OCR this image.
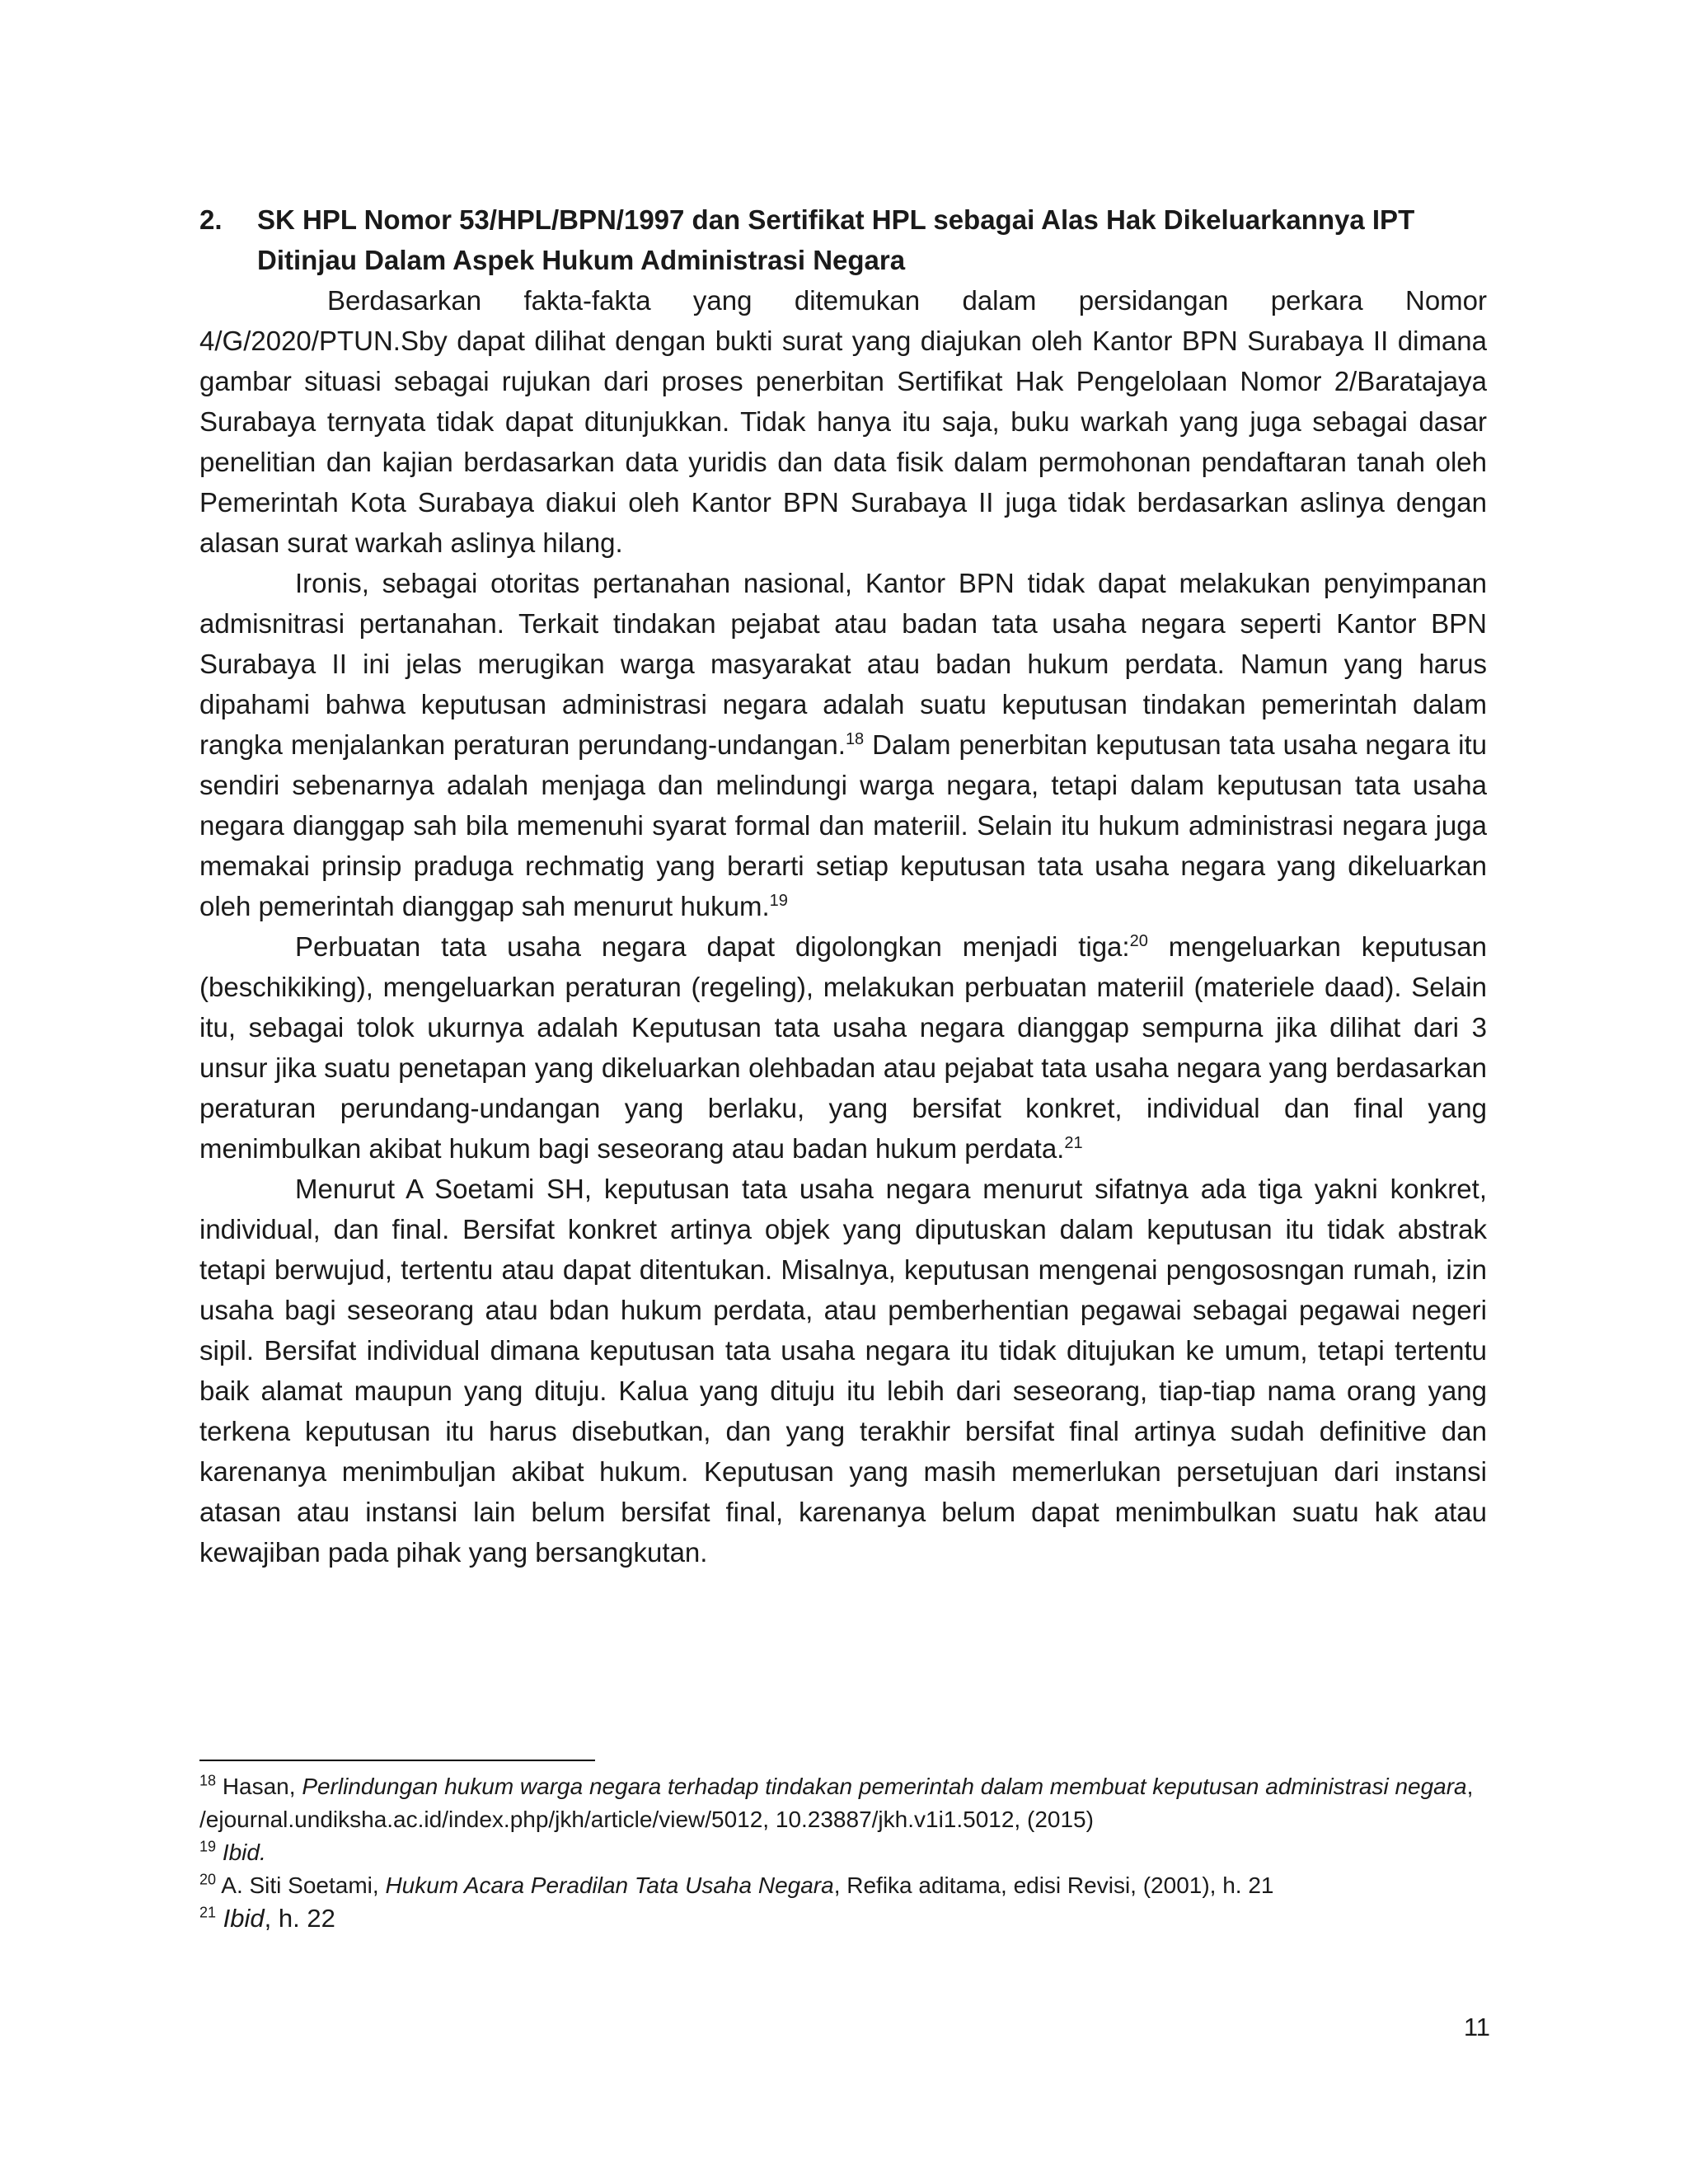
2. SK HPL Nomor 53/HPL/BPN/1997 dan Sertifikat HPL sebagai Alas Hak Dikeluarkannya IPT Ditinjau Dalam Aspek Hukum Administrasi Negara

Berdasarkan fakta-fakta yang ditemukan dalam persidangan perkara Nomor 4/G/2020/PTUN.Sby dapat dilihat dengan bukti surat yang diajukan oleh Kantor BPN Surabaya II dimana gambar situasi sebagai rujukan dari proses penerbitan Sertifikat Hak Pengelolaan Nomor 2/Baratajaya Surabaya ternyata tidak dapat ditunjukkan. Tidak hanya itu saja, buku warkah yang juga sebagai dasar penelitian dan kajian berdasarkan data yuridis dan data fisik dalam permohonan pendaftaran tanah oleh Pemerintah Kota Surabaya diakui oleh Kantor BPN Surabaya II juga tidak berdasarkan aslinya dengan alasan surat warkah aslinya hilang.

Ironis, sebagai otoritas pertanahan nasional, Kantor BPN tidak dapat melakukan penyimpanan admisnitrasi pertanahan. Terkait tindakan pejabat atau badan tata usaha negara seperti Kantor BPN Surabaya II ini jelas merugikan warga masyarakat atau badan hukum perdata. Namun yang harus dipahami bahwa keputusan administrasi negara adalah suatu keputusan tindakan pemerintah dalam rangka menjalankan peraturan perundang-undangan.$^{18}$ Dalam penerbitan keputusan tata usaha negara itu sendiri sebenarnya adalah menjaga dan melindungi warga negara, tetapi dalam keputusan tata usaha negara dianggap sah bila memenuhi syarat formal dan materiil. Selain itu hukum administrasi negara juga memakai prinsip praduga rechmatig yang berarti setiap keputusan tata usaha negara yang dikeluarkan oleh pemerintah dianggap sah menurut hukum.$^{19}$

Perbuatan tata usaha negara dapat digolongkan menjadi tiga:$^{20}$ mengeluarkan keputusan (beschikiking), mengeluarkan peraturan (regeling), melakukan perbuatan materiil (materiele daad). Selain itu, sebagai tolok ukurnya adalah Keputusan tata usaha negara dianggap sempurna jika dilihat dari 3 unsur jika suatu penetapan yang dikeluarkan olehbadan atau pejabat tata usaha negara yang berdasarkan peraturan perundang-undangan yang berlaku, yang bersifat konkret, individual dan final yang menimbulkan akibat hukum bagi seseorang atau badan hukum perdata.$^{21}$

Menurut A Soetami SH, keputusan tata usaha negara menurut sifatnya ada tiga yakni konkret, individual, dan final. Bersifat konkret artinya objek yang diputuskan dalam keputusan itu tidak abstrak tetapi berwujud, tertentu atau dapat ditentukan. Misalnya, keputusan mengenai pengososngan rumah, izin usaha bagi seseorang atau bdan hukum perdata, atau pemberhentian pegawai sebagai pegawai negeri sipil. Bersifat individual dimana keputusan tata usaha negara itu tidak ditujukan ke umum, tetapi tertentu baik alamat maupun yang dituju. Kalua yang dituju itu lebih dari seseorang, tiap-tiap nama orang yang terkena keputusan itu harus disebutkan, dan yang terakhir bersifat final artinya sudah definitive dan karenanya menimbuljan akibat hukum. Keputusan yang masih memerlukan persetujuan dari instansi atasan atau instansi lain belum bersifat final, karenanya belum dapat menimbulkan suatu hak atau kewajiban pada pihak yang bersangkutan.

$^{18}$ Hasan, Perlindungan hukum warga negara terhadap tindakan pemerintah dalam membuat keputusan administrasi negara, /ejournal.undiksha.ac.id/index.php/jkh/article/view/5012, 10.23887/jkh.v1i1.5012, (2015)

$^{19}$ Ibid.

$^{20}$ A. Siti Soetami, Hukum Acara Peradilan Tata Usaha Negara, Refika aditama, edisi Revisi, (2001), h. 21

$^{21}$ Ibid, h. 22

11
